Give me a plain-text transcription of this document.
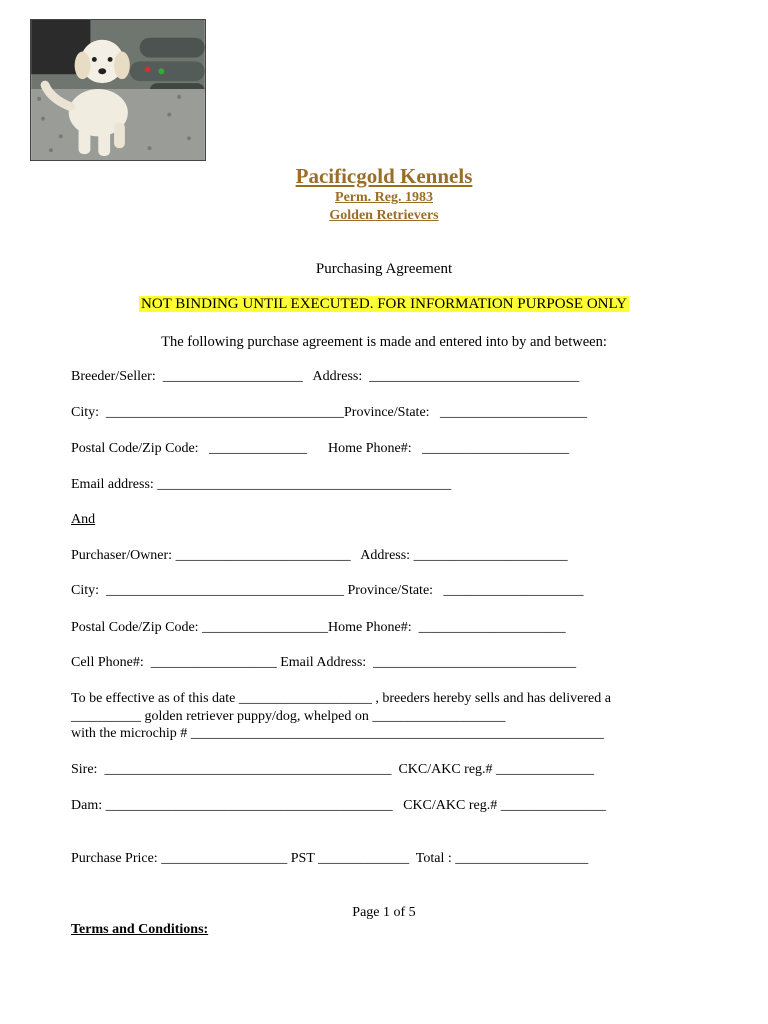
Pacificgold Kennels
Perm. Reg. 1983
Golden Retrievers
Purchasing Agreement
NOT BINDING UNTIL EXECUTED. FOR INFORMATION PURPOSE ONLY
The following purchase agreement is made and entered into by and between:
Breeder/Seller:  ____________________   Address:  ______________________________
City:  __________________________________Province/State:   _____________________
Postal Code/Zip Code:   ______________      Home Phone#:   _____________________
Email address: __________________________________________
And
Purchaser/Owner: _________________________   Address: ______________________
City:  __________________________________ Province/State:   ____________________
Postal Code/Zip Code: __________________Home Phone#:  _____________________
Cell Phone#:  __________________ Email Address:  _____________________________
To be effective as of this date ___________________ , breeders hereby sells and has delivered a
__________ golden retriever puppy/dog, whelped on ___________________
with the microchip # ___________________________________________________________
Sire:  _________________________________________  CKC/AKC reg.# ______________
Dam: _________________________________________   CKC/AKC reg.# _______________
Purchase Price: __________________ PST _____________  Total : ___________________
Page 1 of 5
Terms and Conditions:
